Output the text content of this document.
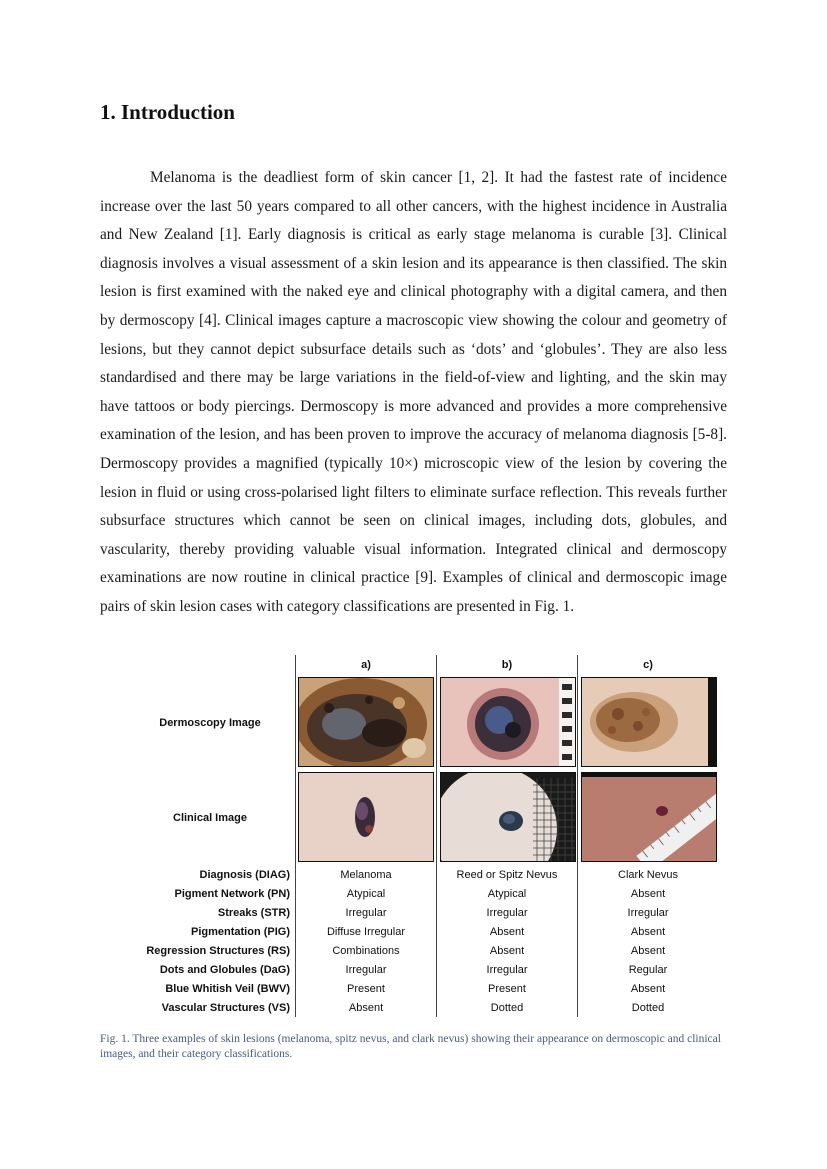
1. Introduction

Melanoma is the deadliest form of skin cancer [1, 2]. It had the fastest rate of incidence increase over the last 50 years compared to all other cancers, with the highest incidence in Australia and New Zealand [1]. Early diagnosis is critical as early stage melanoma is curable [3]. Clinical diagnosis involves a visual assessment of a skin lesion and its appearance is then classified. The skin lesion is first examined with the naked eye and clinical photography with a digital camera, and then by dermoscopy [4]. Clinical images capture a macroscopic view showing the colour and geometry of lesions, but they cannot depict subsurface details such as ‘dots’ and ‘globules’. They are also less standardised and there may be large variations in the field-of-view and lighting, and the skin may have tattoos or body piercings. Dermoscopy is more advanced and provides a more comprehensive examination of the lesion, and has been proven to improve the accuracy of melanoma diagnosis [5-8]. Dermoscopy provides a magnified (typically 10×) microscopic view of the lesion by covering the lesion in fluid or using cross-polarised light filters to eliminate surface reflection. This reveals further subsurface structures which cannot be seen on clinical images, including dots, globules, and vascularity, thereby providing valuable visual information. Integrated clinical and dermoscopy examinations are now routine in clinical practice [9]. Examples of clinical and dermoscopic image pairs of skin lesion cases with category classifications are presented in Fig. 1.

a)	b)	c)
Dermoscopy Image
Clinical Image
Diagnosis (DIAG)	Melanoma	Reed or Spitz Nevus	Clark Nevus
Pigment Network (PN)	Atypical	Atypical	Absent
Streaks (STR)	Irregular	Irregular	Irregular
Pigmentation (PIG)	Diffuse Irregular	Absent	Absent
Regression Structures (RS)	Combinations	Absent	Absent
Dots and Globules (DaG)	Irregular	Irregular	Regular
Blue Whitish Veil (BWV)	Present	Present	Absent
Vascular Structures (VS)	Absent	Dotted	Dotted
Fig. 1. Three examples of skin lesions (melanoma, spitz nevus, and clark nevus) showing their appearance on dermoscopic and clinical images, and their category classifications.
